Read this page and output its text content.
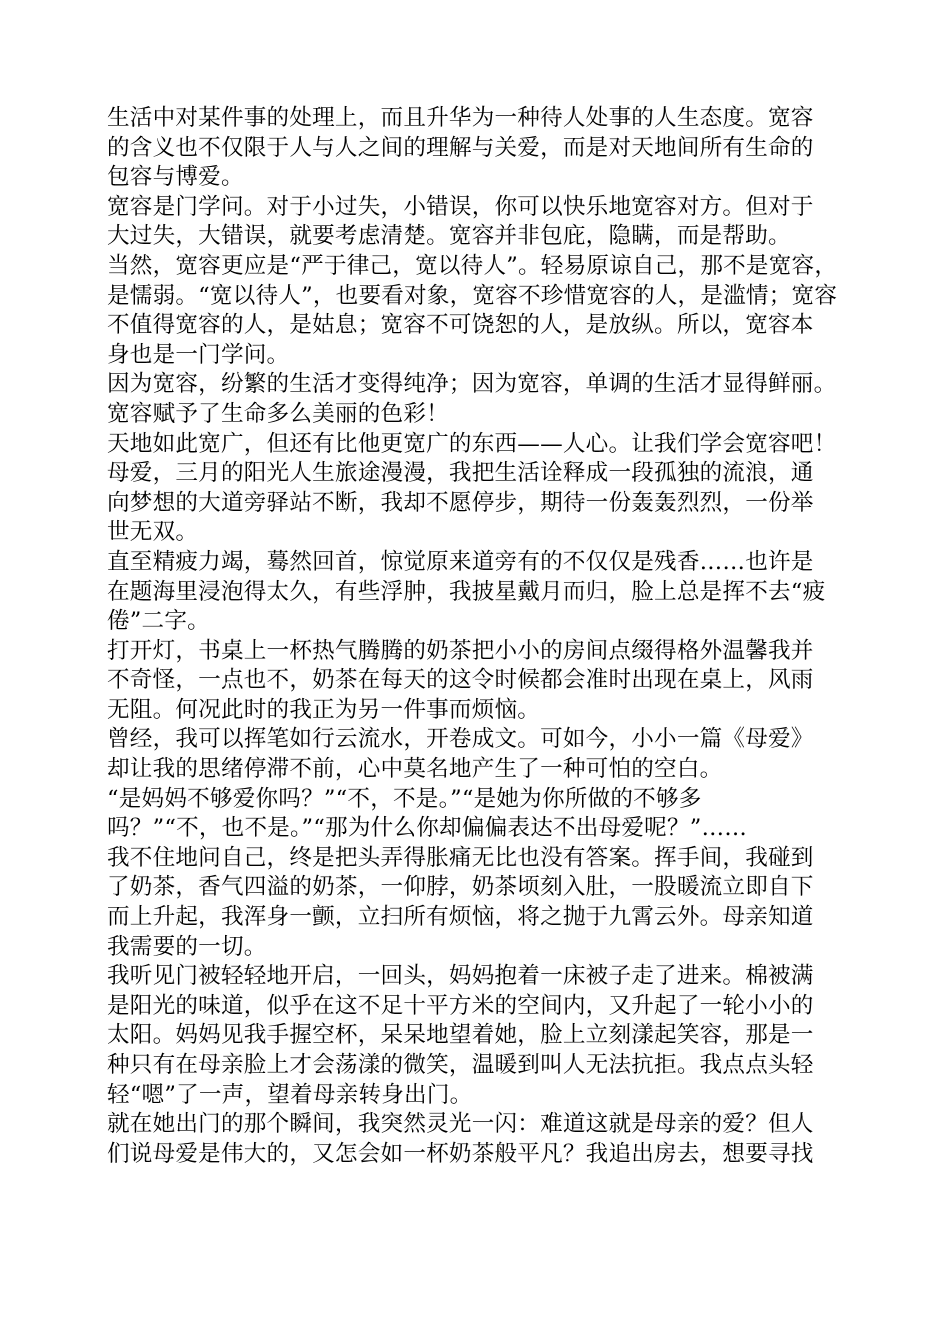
生活中对某件事的处理上，而且升华为一种待人处事的人生态度。宽容
的含义也不仅限于人与人之间的理解与关爱，而是对天地间所有生命的
包容与博爱。
宽容是门学问。对于小过失，小错误，你可以快乐地宽容对方。但对于
大过失，大错误，就要考虑清楚。宽容并非包庇，隐瞒，而是帮助。
当然，宽容更应是“严于律己，宽以待人”。轻易原谅自己，那不是宽容，
是懦弱。“宽以待人”，也要看对象，宽容不珍惜宽容的人，是滥情；宽容
不值得宽容的人，是姑息；宽容不可饶恕的人，是放纵。所以，宽容本
身也是一门学问。
因为宽容，纷繁的生活才变得纯净；因为宽容，单调的生活才显得鲜丽。
宽容赋予了生命多么美丽的色彩！
天地如此宽广，但还有比他更宽广的东西——人心。让我们学会宽容吧！
母爱，三月的阳光人生旅途漫漫，我把生活诠释成一段孤独的流浪，通
向梦想的大道旁驿站不断，我却不愿停步，期待一份轰轰烈烈，一份举
世无双。
直至精疲力竭，蓦然回首，惊觉原来道旁有的不仅仅是残香……也许是
在题海里浸泡得太久，有些浮肿，我披星戴月而归，脸上总是挥不去“疲
倦”二字。
打开灯，书桌上一杯热气腾腾的奶茶把小小的房间点缀得格外温馨我并
不奇怪，一点也不，奶茶在每天的这令时候都会准时出现在桌上，风雨
无阻。何况此时的我正为另一件事而烦恼。
曾经，我可以挥笔如行云流水，开卷成文。可如今，小小一篇《母爱》
却让我的思绪停滞不前，心中莫名地产生了一种可怕的空白。
“是妈妈不够爱你吗？”“不，不是。”“是她为你所做的不够多
吗？”“不，也不是。”“那为什么你却偏偏表达不出母爱呢？”……
我不住地问自己，终是把头弄得胀痛无比也没有答案。挥手间，我碰到
了奶茶，香气四溢的奶茶，一仰脖，奶茶顷刻入肚，一股暖流立即自下
而上升起，我浑身一颤，立扫所有烦恼，将之抛于九霄云外。母亲知道
我需要的一切。
我听见门被轻轻地开启，一回头，妈妈抱着一床被子走了进来。棉被满
是阳光的味道，似乎在这不足十平方米的空间内，又升起了一轮小小的
太阳。妈妈见我手握空杯，呆呆地望着她，脸上立刻漾起笑容，那是一
种只有在母亲脸上才会荡漾的微笑，温暖到叫人无法抗拒。我点点头轻
轻“嗯”了一声，望着母亲转身出门。
就在她出门的那个瞬间，我突然灵光一闪：难道这就是母亲的爱？但人
们说母爱是伟大的，又怎会如一杯奶茶般平凡？我追出房去，想要寻找
